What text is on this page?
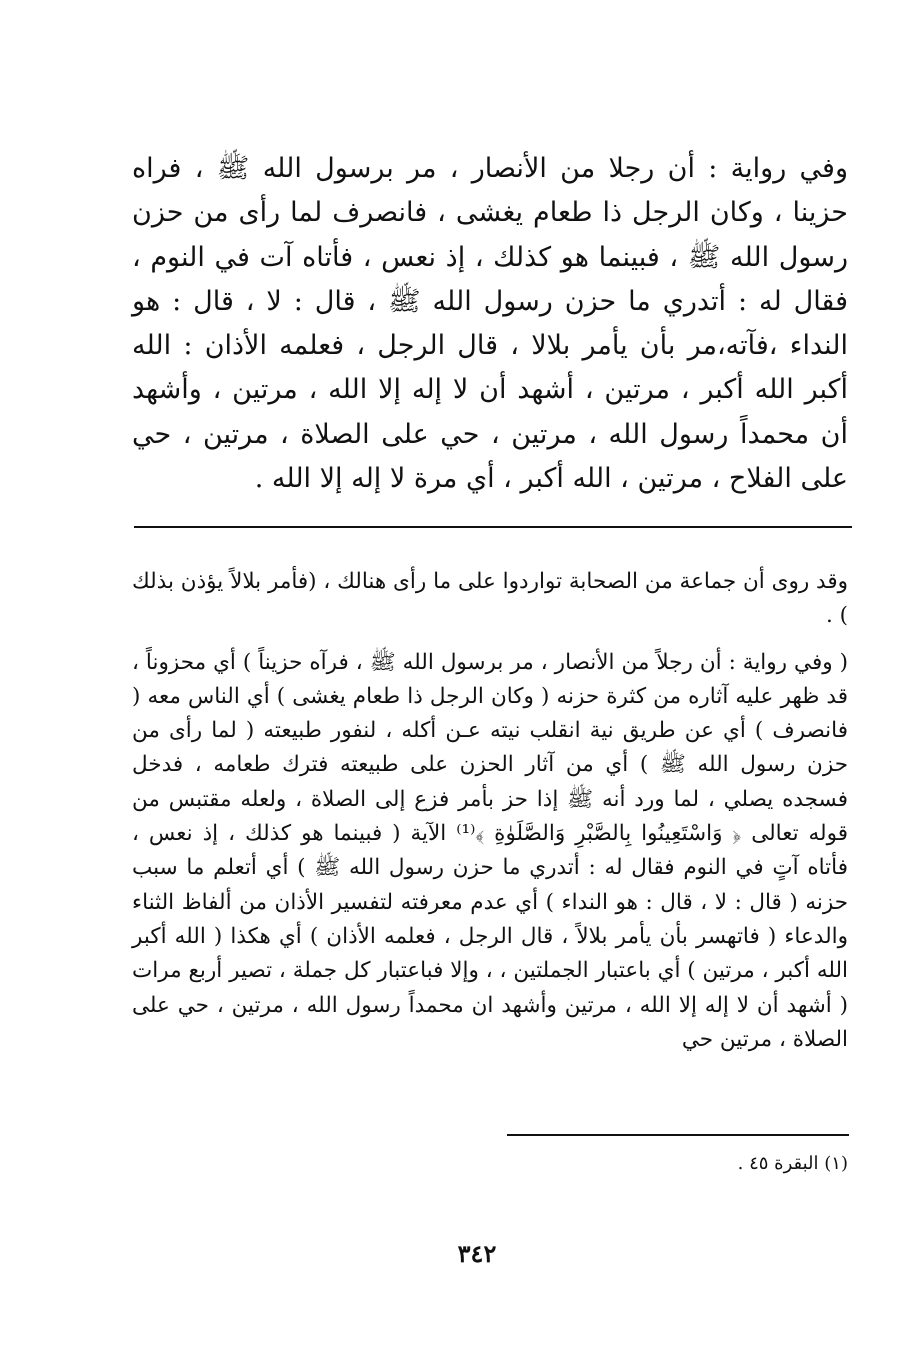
وفي رواية : أن رجلا من الأنصار ، مر برسول الله ﷺ ، فراه حزينا ، وكان الرجل ذا طعام يغشى ، فانصرف لما رأى من حزن رسول الله ﷺ ، فبينما هو كذلك ، إذ نعس ، فأتاه آت في النوم ، فقال له : أتدري ما حزن رسول الله ﷺ ، قال : لا ، قال : هو النداء ،فآته،مر بأن يأمر بلالا ، قال الرجل ، فعلمه الأذان : الله أكبر الله أكبر ، مرتين ، أشهد أن لا إله إلا الله ، مرتين ، وأشهد أن محمداً رسول الله ، مرتين ، حي على الصلاة ، مرتين ، حي على الفلاح ، مرتين ، الله أكبر ، أي مرة لا إله إلا الله .

وقد روى أن جماعة من الصحابة تواردوا على ما رأى هنالك ، (فأمر بلالاً يؤذن بذلك ) .

( وفي رواية : أن رجلاً من الأنصار ، مر برسول الله ﷺ ، فرآه حزيناً ) أي محزوناً ، قد ظهر عليه آثاره من كثرة حزنه ( وكان الرجل ذا طعام يغشى ) أي الناس معه ( فانصرف ) أي عن طريق نية انقلب نيته عـن أكله ، لنفور طبيعته ( لما رأى من حزن رسول الله ﷺ ) أي من آثار الحزن على طبيعته فترك طعامه ، فدخل فسجده يصلي ، لما ورد أنه ﷺ إذا حز بأمر فزع إلى الصلاة ، ولعله مقتبس من قوله تعالى ﴿ وَاسْتَعِينُوا بِالصَّبْرِ وَالصَّلَوٰةِ ﴾⁽¹⁾ الآية ( فبينما هو كذلك ، إذ نعس ، فأتاه آتٍ في النوم فقال له : أتدري ما حزن رسول الله ﷺ ) أي أتعلم ما سبب حزنه ( قال : لا ، قال : هو النداء ) أي عدم معرفته لتفسير الأذان من ألفاظ الثناء والدعاء ( فاتهسر بأن يأمر بلالاً ، قال الرجل ، فعلمه الأذان ) أي هكذا ( الله أكبر الله أكبر ، مرتين ) أي باعتبار الجملتين ، ، وإلا فباعتبار كل جملة ، تصير أربع مرات ( أشهد أن لا إله إلا الله ، مرتين وأشهد ان محمداً رسول الله ، مرتين ، حي على الصلاة ، مرتين حي

(١) البقرة ٤٥ .
٣٤٢
